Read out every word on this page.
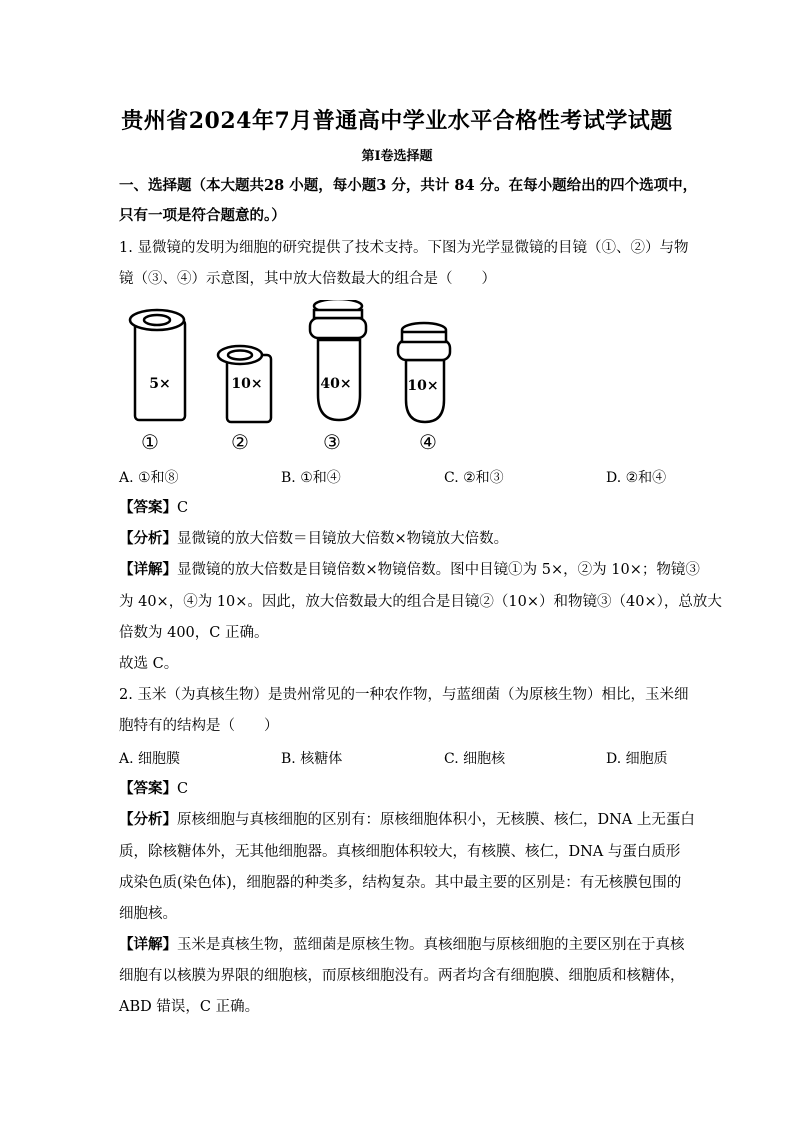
贵州省2024年7月普通高中学业水平合格性考试学试题
第I卷选择题
一、选择题（本大题共28 小题，每小题3 分，共计 84 分。在每小题给出的四个选项中，
只有一项是符合题意的。）
1. 显微镜的发明为细胞的研究提供了技术支持。下图为光学显微镜的目镜（①、②）与物
镜（③、④）示意图，其中放大倍数最大的组合是（　　）
5×	10×	40×	10×
①	②	③	④
A. ①和⑧	B. ①和④	C. ②和③	D. ②和④
【答案】C
【分析】显微镜的放大倍数＝目镜放大倍数×物镜放大倍数。
【详解】显微镜的放大倍数是目镜倍数×物镜倍数。图中目镜①为 5×，②为 10×；物镜③
为 40×，④为 10×。因此，放大倍数最大的组合是目镜②（10×）和物镜③（40×），总放大
倍数为 400，C 正确。
故选 C。
2. 玉米（为真核生物）是贵州常见的一种农作物，与蓝细菌（为原核生物）相比，玉米细
胞特有的结构是（　　）
A. 细胞膜	B. 核糖体	C. 细胞核	D. 细胞质
【答案】C
【分析】原核细胞与真核细胞的区别有：原核细胞体积小，无核膜、核仁，DNA 上无蛋白
质，除核糖体外，无其他细胞器。真核细胞体积较大，有核膜、核仁，DNA 与蛋白质形
成染色质(染色体)，细胞器的种类多，结构复杂。其中最主要的区别是：有无核膜包围的
细胞核。
【详解】玉米是真核生物，蓝细菌是原核生物。真核细胞与原核细胞的主要区别在于真核
细胞有以核膜为界限的细胞核，而原核细胞没有。两者均含有细胞膜、细胞质和核糖体，
ABD 错误，C 正确。
